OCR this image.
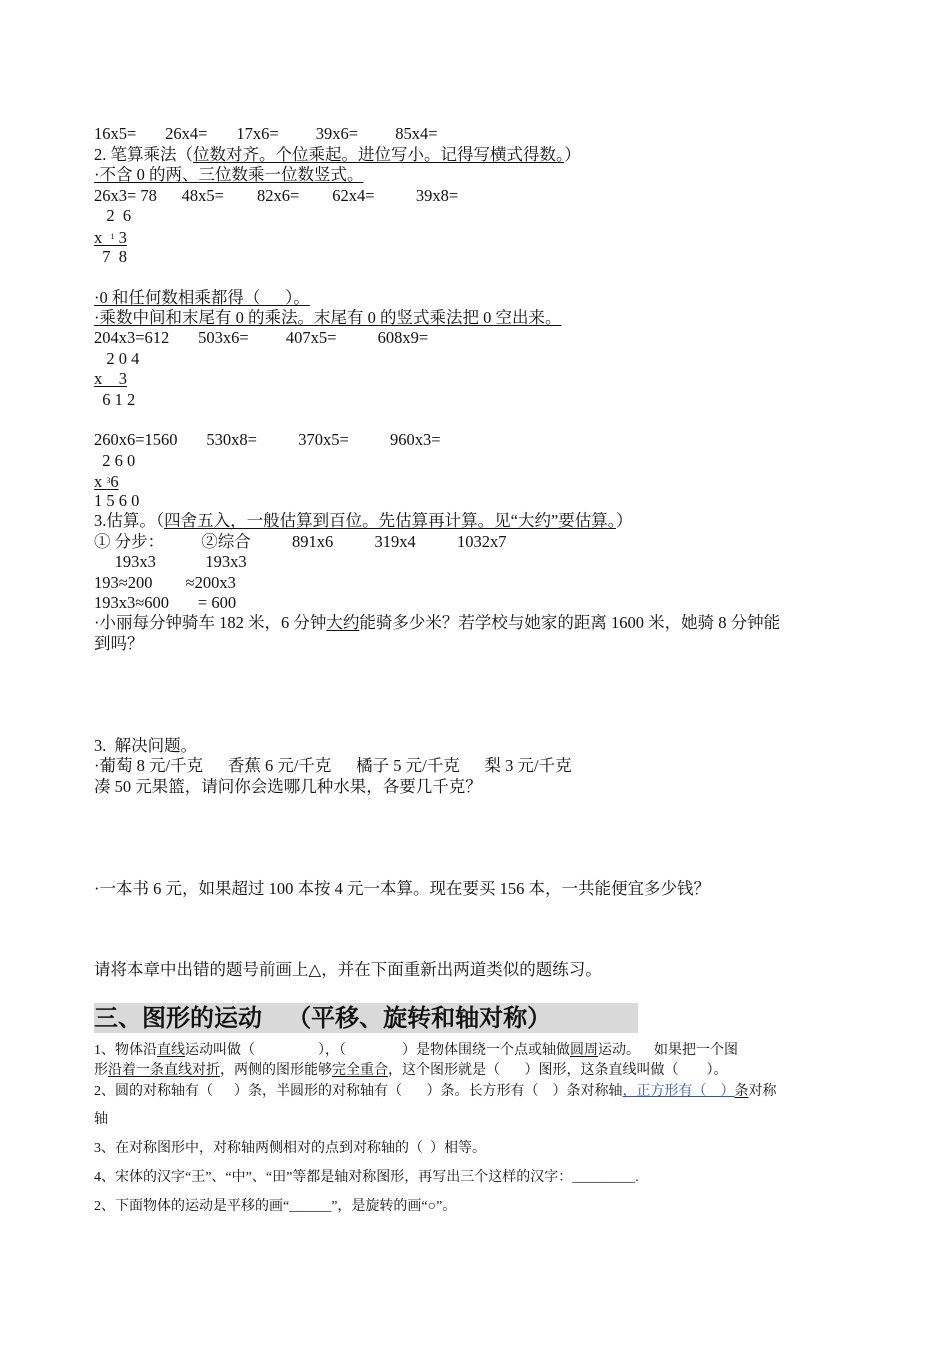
16x5=       26x4=       17x6=         39x6=         85x4=
2. 笔算乘法（位数对齐。个位乘起。进位写小。记得写横式得数。）
·不含 0 的两、三位数乘一位数竖式。
26x3= 78      48x5=        82x6=        62x4=          39x8=
2  6
x  $^1$ 3
7  8
·0 和任何数相乘都得（      ）。
·乘数中间和末尾有 0 的乘法。末尾有 0 的竖式乘法把 0 空出来。
204x3=612       503x6=         407x5=          608x9=
2 0 4
x    3
6 1 2
260x6=1560       530x8=          370x5=          960x3=
2 6 0
x $^3$6
1 5 6 0
3.估算。（四舍五入，一般估算到百位。先估算再计算。见“大约”要估算。）
① 分步：         ②综合          891x6          319x4          1032x7
193x3            193x3
193≈200        ≈200x3
193x3≈600       = 600
·小丽每分钟骑车 182 米，6 分钟大约能骑多少米？若学校与她家的距离 1600 米，她骑 8 分钟能
到吗？
3.  解决问题。
·葡萄 8 元/千克      香蕉 6 元/千克      橘子 5 元/千克      梨 3 元/千克
凑 50 元果篮，请问你会选哪几种水果，各要几千克？
·一本书 6 元，如果超过 100 本按 4 元一本算。现在要买 156 本，一共能便宜多少钱？
请将本章中出错的题号前画上△，并在下面重新出两道类似的题练习。
三、图形的运动   （平移、旋转和轴对称）
1、物体沿直线运动叫做（                  ），（                ）是物体围绕一个点或轴做圆周运动。    如果把一个图
形沿着一条直线对折，两侧的图形能够完全重合，这个图形就是（       ）图形，这条直线叫做（        ）。
2、圆的对称轴有（      ）条，半圆形的对称轴有（       ）条。长方形有（    ）条对称轴，正方形有（    ）条对称
轴
3、在对称图形中，对称轴两侧相对的点到对称轴的（  ）相等。
4、宋体的汉字“王”、“中”、“田”等都是轴对称图形，再写出三个这样的汉字：_________.
2、下面物体的运动是平移的画“______”，是旋转的画“○”。
